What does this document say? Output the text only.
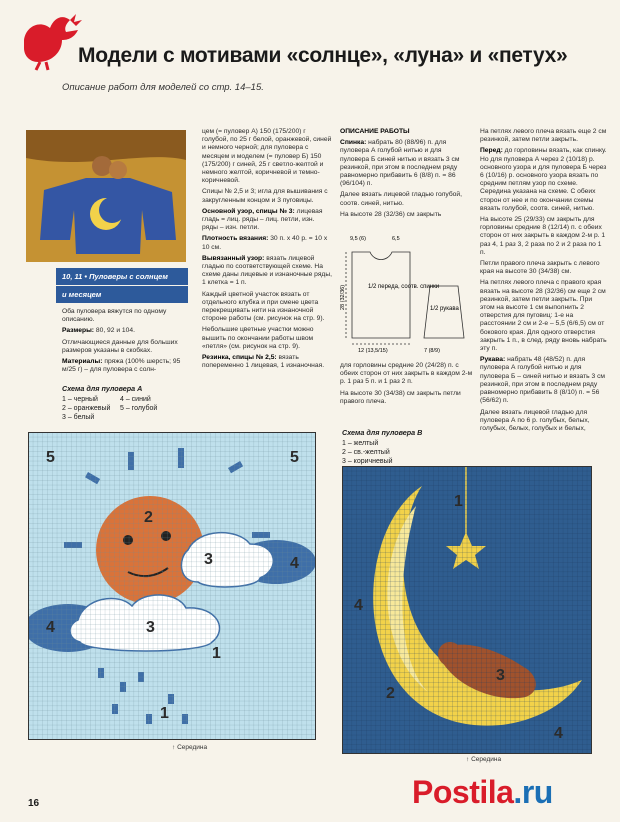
Модели с мотивами «солнце», «луна» и «петух»
Описание работ для моделей со стр. 14–15.
10, 11 • Пуловеры с солнцем
и месяцем

Оба пуловера вяжутся по одному описанию.

Размеры: 80, 92 и 104.

Отличающиеся данные для больших размеров указаны в скобках.

Материалы: пряжа (100% шерсть; 95 м/25 г) – для пуловера с солн-

Схема для пуловера А
1 – черный
2 – оранжевый
3 – белый
4 – синий
5 – голубой

цем (= пуловер А) 150 (175/200) г голубой, по 25 г белой, оранжевой, синей и немного черной; для пуловера с месяцем и моделем (= пуловер Б) 150 (175/200) г синей, 25 г светло-желтой и немного желтой, коричневой и темно-коричневой.

Спицы № 2,5 и 3; игла для вышивания с закругленным концом и 3 пуговицы.

Основной узор, спицы № 3: лицевая гладь = лиц. ряды – лиц. петли, изн. ряды – изн. петли.

Плотность вязания: 30 п. x 40 р. = 10 x 10 см.

Вывязанный узор: вязать лицевой гладью по соответствующей схеме. На схеме даны лицевые и изнаночные ряды, 1 клетка = 1 п.

Каждый цветной участок вязать от отдельного клубка и при смене цвета перекрещивать нити на изнаночной стороне работы (см. рисунок на стр. 9).

Небольшие цветные участки можно вышить по окончании работы швом «петля» (см. рисунок на стр. 9).

Резинка, спицы № 2,5: вязать попеременно 1 лицевая, 1 изнаночная.

ОПИСАНИЕ РАБОТЫ

Спинка: набрать 80 (88/96) п. для пуловера А голубой нитью и для пуловера Б синей нитью и вязать 3 см резинкой, при этом в последнем ряду равномерно прибавить 6 (8/8) п. = 86 (96/104) п.

Далее вязать лицевой гладью голубой, соотв. синей, нитью.

На высоте 28 (32/36) см закрыть

1/2 переда, соотв. спинки
1/2 рукава
12 (13,5/15)
28 (32/36)
7 (8/9)
9,5 (6)	6,5

для горловины средние 20 (24/28) п. с обеих сторон от них закрыть в каждом 2-м р. 1 раз 5 п. и 1 раз 2 п.

На высоте 30 (34/38) см закрыть петли правого плеча.

Схема для пуловера B
1 – желтый
2 – св.-желтый
3 – коричневый

На петлях левого плеча вязать еще 2 см резинкой, затем петли закрыть.

Перед: до горловины вязать, как спинку. Но для пуловера А через 2 (10/18) р. основного узора и для пуловера Б через 6 (10/16) р. основного узора вязать по средним петлям узор по схеме. Середина указана на схеме. С обеих сторон от нее и по окончании схемы вязать голубой, соотв. синей, нитью.

На высоте 25 (29/33) см закрыть для горловины средние 8 (12/14) п. с обеих сторон от них закрыть в каждом 2-м р. 1 раз 4, 1 раз 3, 2 раза по 2 и 2 раза по 1 п.

Петли правого плеча закрыть с левого края на высоте 30 (34/38) см.

На петлях левого плеча с правого края вязать на высоте 28 (32/36) см еще 2 см резинкой, затем петли закрыть. При этом на высоте 1 см выполнить 2 отверстия для пуговиц: 1-е на расстоянии 2 см и 2-е – 5,5 (6/6,5) см от бокового края. Для одного отверстия закрыть 1 п., в след. ряду вновь набрать эту п.

Рукава: набрать 48 (48/52) п. для пуловера А голубой нитью и для пуловера Б – синей нитью и вязать 3 см резинкой, при этом в последнем ряду равномерно прибавить 8 (8/10) п. = 56 (56/62) п.

Далее вязать лицевой гладью для пуловера А по 6 р. голубых, белых, голубых, белых, голубых и белых,

5	5
2
3	4
3
4
1
1
↑ Середина
1
4
2
3
4
↑ Середина
16	Postila.ru
